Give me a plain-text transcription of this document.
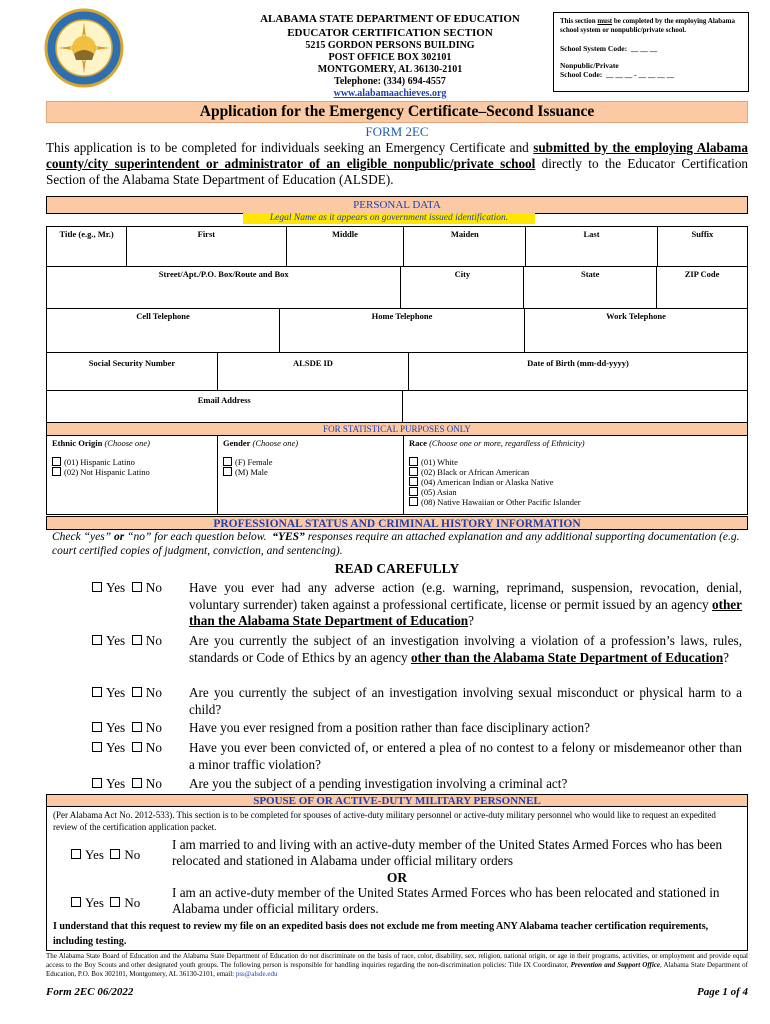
ALABAMA STATE DEPARTMENT OF EDUCATION
EDUCATOR CERTIFICATION SECTION
5215 GORDON PERSONS BUILDING
POST OFFICE BOX 302101
MONTGOMERY, AL 36130-2101
Telephone: (334) 694-4557
www.alabamaachieves.org
This section must be completed by the employing Alabama school system or nonpublic/private school.
School System Code: __ __ __
Nonpublic/Private
School Code: __ __ __ - __ __ __ __
Application for the Emergency Certificate–Second Issuance
FORM 2EC
This application is to be completed for individuals seeking an Emergency Certificate and submitted by the employing Alabama county/city superintendent or administrator of an eligible nonpublic/private school directly to the Educator Certification Section of the Alabama State Department of Education (ALSDE).
PERSONAL DATA
Legal Name as it appears on government issued identification.
Title (e.g., Mr.)	First	Middle	Maiden	Last	Suffix
Street/Apt./P.O. Box/Route and Box	City	State	ZIP Code
Cell Telephone	Home Telephone	Work Telephone
Social Security Number	ALSDE ID	Date of Birth (mm-dd-yyyy)
Email Address	
FOR STATISTICAL PURPOSES ONLY
Ethnic Origin (Choose one)
(01) Hispanic Latino
(02) Not Hispanic Latino
Gender (Choose one)
(F) Female
(M) Male
Race (Choose one or more, regardless of Ethnicity)
(01) White
(02) Black or African American
(04) American Indian or Alaska Native
(05) Asian
(08) Native Hawaiian or Other Pacific Islander
PROFESSIONAL STATUS AND CRIMINAL HISTORY INFORMATION
Check “yes” or “no” for each question below. “YES” responses require an attached explanation and any additional supporting documentation (e.g. court certified copies of judgment, conviction, and sentencing).
READ CAREFULLY
Yes No	Have you ever had any adverse action (e.g. warning, reprimand, suspension, revocation, denial, voluntary surrender) taken against a professional certificate, license or permit issued by an agency other than the Alabama State Department of Education?
Yes No	Are you currently the subject of an investigation involving a violation of a profession’s laws, rules, standards or Code of Ethics by an agency other than the Alabama State Department of Education?
Yes No	Are you currently the subject of an investigation involving sexual misconduct or physical harm to a child?
Yes No	Have you ever resigned from a position rather than face disciplinary action?
Yes No	Have you ever been convicted of, or entered a plea of no contest to a felony or misdemeanor other than a minor traffic violation?
Yes No	Are you the subject of a pending investigation involving a criminal act?
SPOUSE OF OR ACTIVE-DUTY MILITARY PERSONNEL
(Per Alabama Act No. 2012-533). This section is to be completed for spouses of active-duty military personnel or active-duty military personnel who would like to request an expedited review of the certification application packet.
Yes No
I am married to and living with an active-duty member of the United States Armed Forces who has been relocated and stationed in Alabama under official military orders
OR
Yes No
I am an active-duty member of the United States Armed Forces who has been relocated and stationed in Alabama under official military orders.
I understand that this request to review my file on an expedited basis does not exclude me from meeting ANY Alabama teacher certification requirements, including testing.
The Alabama State Board of Education and the Alabama State Department of Education do not discriminate on the basis of race, color, disability, sex, religion, national origin, or age in their programs, activities, or employment and provide equal access to the Boy Scouts and other designated youth groups. The following person is responsible for handling inquiries regarding the non-discrimination policies: Title IX Coordinator, Prevention and Support Office, Alabama State Department of Education, P.O. Box 302101, Montgomery, AL 36130-2101, email: pss@alsde.edu
Form 2EC 06/2022	Page 1 of 4
